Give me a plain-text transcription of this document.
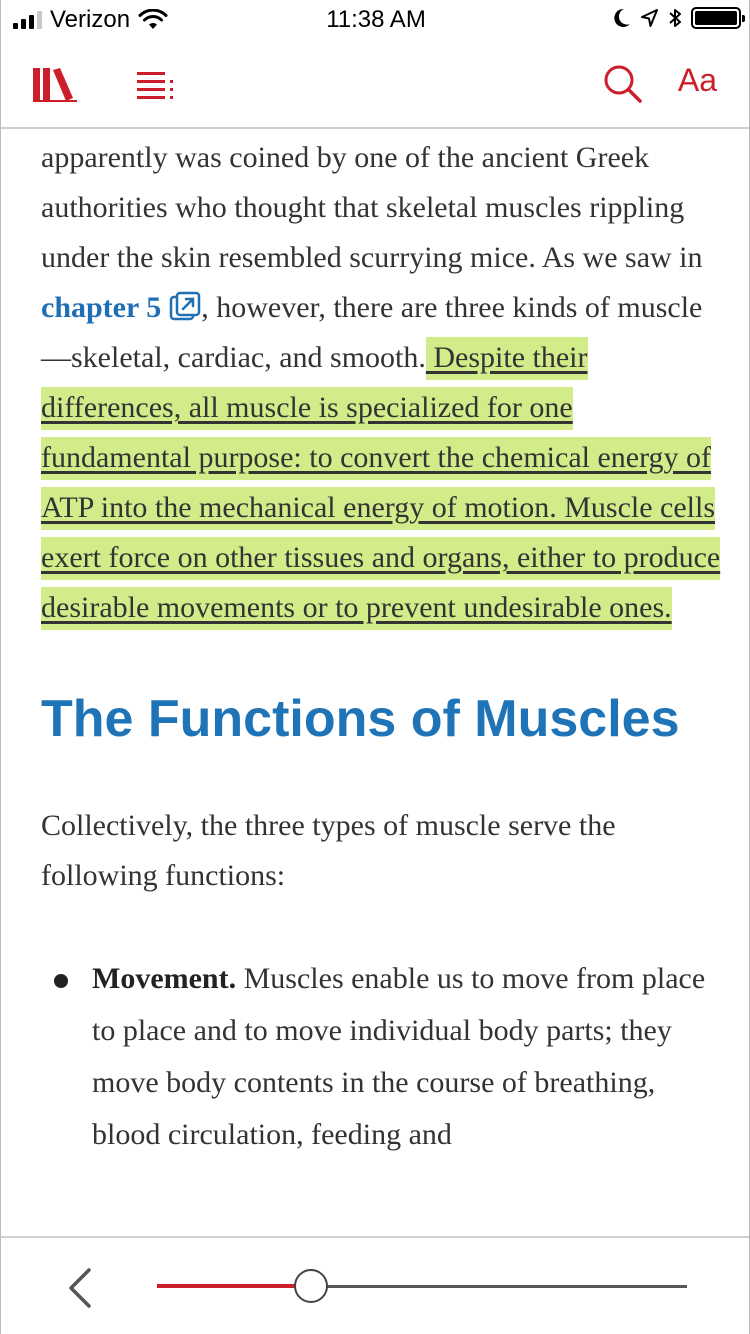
Verizon	11:38 AM
Aa

apparently was coined by one of the ancient Greek authorities who thought that skeletal muscles rippling under the skin resembled scurrying mice. As we saw in chapter 5 , however, there are three kinds of muscle—skeletal, cardiac, and smooth. Despite their differences, all muscle is specialized for one fundamental purpose: to convert the chemical energy of ATP into the mechanical energy of motion. Muscle cells exert force on other tissues and organs, either to produce desirable movements or to prevent undesirable ones.

The Functions of Muscles

Collectively, the three types of muscle serve the following functions:

Movement. Muscles enable us to move from place to place and to move individual body parts; they move body contents in the course of breathing, blood circulation, feeding and
